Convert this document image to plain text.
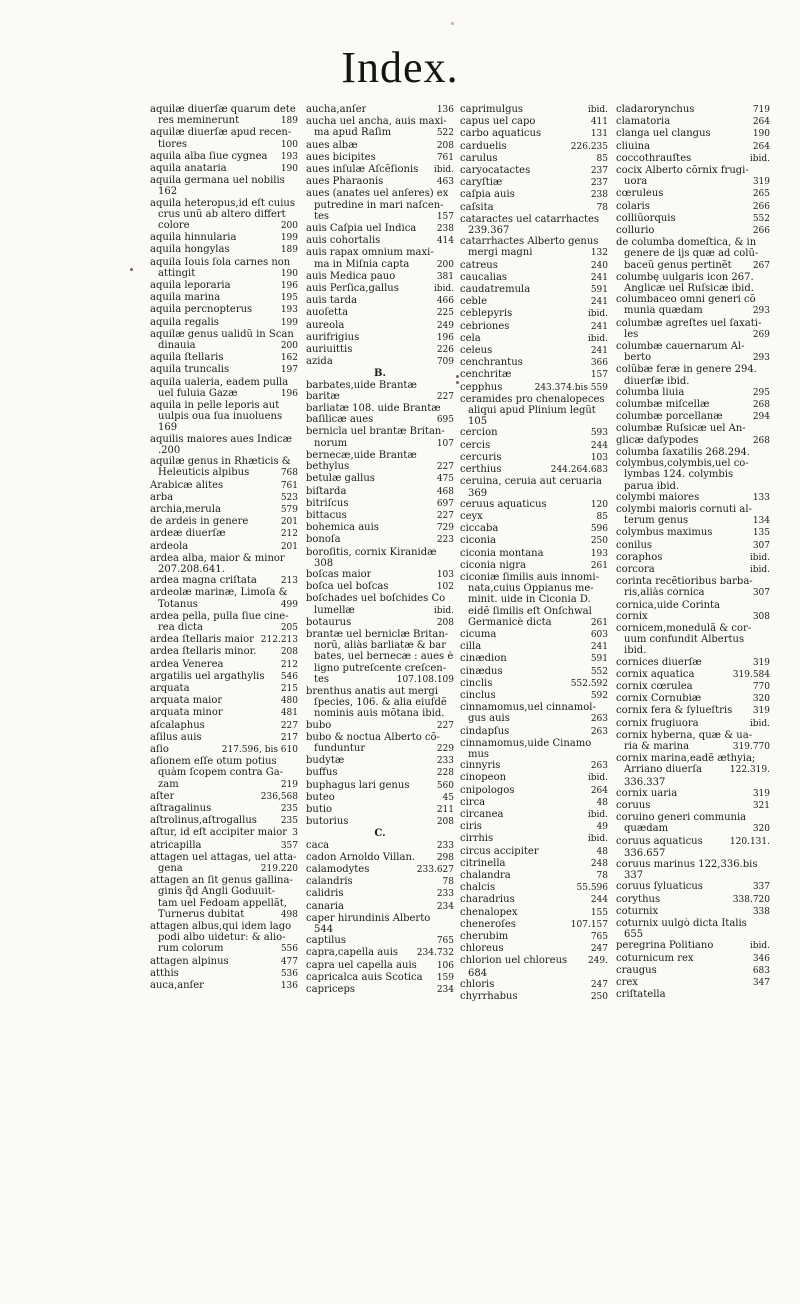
Index.
aquilæ diuerſæ quarum dete
res meminerunt	189
aquilæ diuerſæ apud recen-
tiores	100
aquila alba ſiue cygnea 193
aquila anataria	190
aquila germana uel nobilis
162
aquila heteropus,id eſt cuius
crus unũ ab altero differt
colore	200
aquila hinnularia	199
aquila hongylas	189
aquila Iouis ſola carnes non
attingit	190
aquila leporaria	196
aquila marina	195
aquila percnopterus	193
aquila regalis	199
aquilæ genus ualidũ in Scan
dinauia	200
aquila ſtellaris	162
aquila truncalis	197
aquila ualeria, eadem pulla
uel fuluia Gazæ	196
aquila in pelle leporis aut
uulpis oua ſua inuoluens
169
aquilis maiores aues Indicæ
.200
aquilæ genus in Rhæticis &
Heleuticis alpibus	768
Arabicæ alites	761
arba	523
archia,merula	579
de ardeis in genere	201
ardeæ diuerſæ	212
ardeola	201
ardea alba, maior & minor
207.208.641.
ardea magna criſtata	213
ardeolæ marinæ, Limoſa &
Totanus	499
ardea pella, pulla ſiue cine-
rea dicta	205
ardea ſtellaris maior 212.213
ardea ſtellaris minor.	208
ardea Venerea	212
argatilis uel argathylis 546
arquata	215
arquata maior	480
arquata minor	481
aſcalaphus	227
aſilus auis	217
aſio	217.596, bis 610
aſionem eſſe otum potius
quàm ſcopem contra Ga-
zam	219
aſter	236,568
aſtragalinus	235
aſtrolinus,aſtrogallus	235
aſtur, id eſt accipiter maior 3
atricapilla	357
attagen uel attagas, uel atta-
gena	219.220
attagen an ſit genus gallina-
ginis q̃d Angli Goduuit-
tam uel Fedoam appellãt,
Turnerus dubitat	498
attagen albus,qui idem lago
podi albo uidetur: & alio-
rum colorum	556
attagen alpinus	477
atthis	536
auca,anſer	136
aucha,anſer	136
aucha uel ancha, auis maxi-
ma apud Raſim	522
aues albæ	208
aues bicipites	761
aues inſulæ Aſcẽſionis ibid.
aues Pharaonis	463
aues (anates uel anſeres) ex
putredine in mari naſcen-
tes	157
auis Caſpia uel Indica 238
auis cohortalis	414
auis rapax omnium maxi-
ma in Miſnia capta	200
auis Medica pauo	381
auis Perſica,gallus	ibid.
auis tarda	466
auoſetta	225
aureola	249
aurifrigius	196
auriuittis	226
azida	709
B.
barbates,uide Brantæ
baritæ	227
barliatæ 108. uide Brantæ
baſilicæ aues	695
bernicla uel brantæ Britan-
norum	107
bernecæ,uide Brantæ
bethylus	227
betulæ gallus	475
biſtarda	468
bitriſcus	697
bittacus	227
bohemica auis	729
bonoſa	223
boroſitis, cornix Kiranidæ
308
boſcas maior	103
boſca uel boſcas	102
boſchades uel boſchides Co
lumellæ	ibid.
botaurus	208
brantæ uel berniclæ Britan-
norũ, aliàs barliatæ & bar
bates, uel bernecæ : aues è
ligno putreſcente creſcen-
tes	107.108.109
brenthus anatis aut mergi
ſpecies, 106. & alia eiuſdẽ
nominis auis mõtana ibid.
bubo	227
bubo & noctua Alberto cõ-
funduntur	229
budytæ	233
buffus	228
buphagus lari genus	560
buteo	45
butio	211
butorius	208
C.
caca	233
cadon Arnoldo Villan. 298
calamodytes	233.627
calandris	78
calidris	233
canaria	234
caper hirundinis Alberto
544
captilus	765
capra,capella auis 234.732
capra uel capella auis 106
capricalca auis Scotica 159
capriceps	234
caprimulgus	ibid.
capus uel capo	411
carbo aquaticus	131
carduelis	226.235
carulus	85
caryocatactes	237
caryſtiæ	237
caſpia auis	238
caſsita	78
cataractes uel catarrhactes
239.367
catarrhactes Alberto genus
mergi magni	132
catreus	240
caucalias	241
caudatremula	591
ceble	241
ceblepyris	ibid.
cebriones	241
cela	ibid.
celeus	241
cenchrantus	366
cenchritæ	157
cepphus	243.374.bis 559
ceramides pro chenalopeces
aliqui apud Plinium legũt
105
cercion	593
cercis	244
cercuris	103
certhius	244.264.683
ceruina, ceruia aut ceruaria
369
ceruus aquaticus	120
ceyx	85
ciccaba	596
ciconia	250
ciconia montana	193
ciconia nigra	261
ciconiæ ſimilis auis innomi-
nata,cuius Oppianus me-
minit. uide in Ciconia D.
eidẽ ſimilis eſt Onſchwal
Germanicè dicta	261
cicuma	603
cilla	241
cinædion	591
cinædus	552
cinclis	552.592
cinclus	592
cinnamomus,uel cinnamol-
gus auis	263
cindapſus	263
cinnamomus,uide Cinamo
mus
cinnyris	263
cinopeon	ibid.
cnipologos	264
circa	48
circanea	ibid.
ciris	49
cirrhis	ibid.
circus accipiter	48
citrinella	248
chalandra	78
chalcis	55.596
charadrius	244
chenalopex	155
cheneroſes	107.157
cherubim	765
chloreus	247
chlorion uel chloreus 249.
684
chloris	247
chyrrhabus	250
cladarorynchus	719
clamatoria	264
clanga uel clangus	190
cliuina	264
coccothrauſtes	ibid.
cocix Alberto cõrnix frugi-
uora	319
cœruleus	265
colaris	266
colliũorquis	552
collurio	266
de columba domeſtica, & in
genere de ijs quæ ad colũ-
baceũ genus pertinẽt 267
columbę uulgaris icon 267.
Anglicæ uel Ruſsicæ ibid.
columbaceo omni generi cõ
munia quædam	293
columbæ agreſtes uel ſaxati-
les	269
columbæ cauernarum Al-
berto	293
colũbæ feræ in genere 294.
diuerſæ ibid.
columba liuia	295
columbæ miſcellæ	268
columbæ porcellanæ	294
columbæ Ruſsicæ uel An-
glicæ daſypodes	268
columba ſaxatilis 268.294.
colymbus,colymbis,uel co-
lymbas 124. colymbis
parua ibid.
colymbi maiores	133
colymbi maioris cornuti al-
terum genus	134
colymbus maximus	135
conilus	307
coraphos	ibid.
corcora	ibid.
corinta recẽtioribus barba-
ris,aliàs cornica	307
cornica,uide Corinta
cornix	308
cornicem,monedulã & cor-
uum confundit Albertus
ibid.
cornices diuerſæ	319
cornix aquatica	319.584
cornix cœrulea	770
cornix Cornubiæ	320
cornix fera & ſylueſtris 319
cornix frugiuora	ibid.
cornix hyberna, quæ & ua-
ria & marina	319.770
cornix marina,eadẽ æthyia;
Arriano diuerſa	122.319.
336.337
cornix uaria	319
coruus	321
coruino generi communia
quædam	320
coruus aquaticus	120.131.
336.657
coruus marinus 122,336.bis
337
coruus ſyluaticus	337
corythus	338.720
coturnix	338
coturnix uulgò dicta Italis
655
peregrina Politiano	ibid.
coturnicum rex	346
craugus	683
crex	347
criſtatella
